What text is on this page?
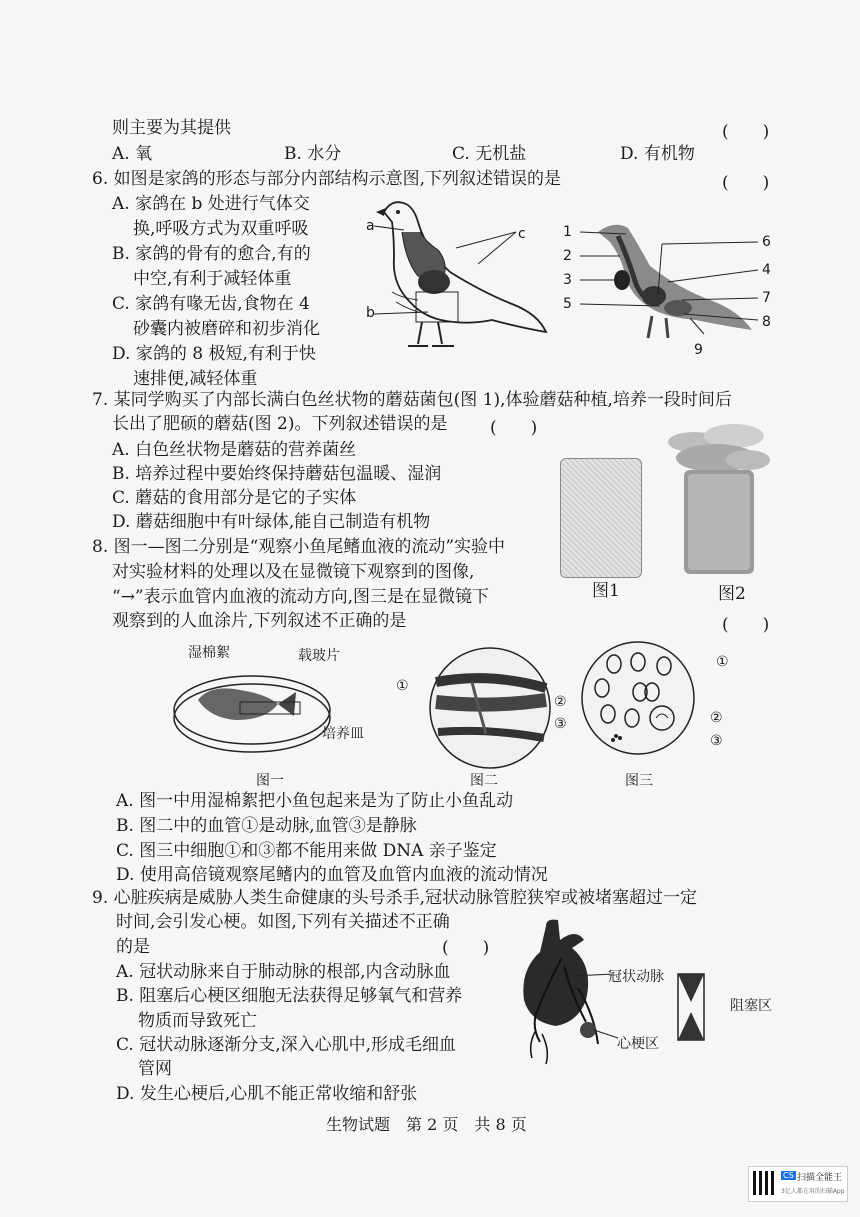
则主要为其提供	(　　)
A. 氧	B. 水分	C. 无机盐	D. 有机物
6. 如图是家鸽的形态与部分内部结构示意图,下列叙述错误的是	(　　)
A. 家鸽在 b 处进行气体交
换,呼吸方式为双重呼吸
B. 家鸽的骨有的愈合,有的
中空,有利于减轻体重
C. 家鸽有喙无齿,食物在 4
砂囊内被磨碎和初步消化
D. 家鸽的 8 极短,有利于快
速排便,减轻体重
a
b
c	1
2
3
4
5
6
7
8
9
7. 某同学购买了内部长满白色丝状物的蘑菇菌包(图 1),体验蘑菇种植,培养一段时间后
长出了肥硕的蘑菇(图 2)。下列叙述错误的是	(　　)
A. 白色丝状物是蘑菇的营养菌丝
B. 培养过程中要始终保持蘑菇包温暖、湿润
C. 蘑菇的食用部分是它的子实体
D. 蘑菇细胞中有叶绿体,能自己制造有机物
图1	图2
8. 图一—图二分别是“观察小鱼尾鳍血液的流动”实验中
对实验材料的处理以及在显微镜下观察到的图像,
“→”表示血管内血液的流动方向,图三是在显微镜下
观察到的人血涂片,下列叙述不正确的是	(　　)
湿棉絮	载玻片
培养皿
①
②
③
①
②
③
图一	图二	图三
A. 图一中用湿棉絮把小鱼包起来是为了防止小鱼乱动
B. 图二中的血管①是动脉,血管③是静脉
C. 图三中细胞①和③都不能用来做 DNA 亲子鉴定
D. 使用高倍镜观察尾鳍内的血管及血管内血液的流动情况
9. 心脏疾病是威胁人类生命健康的头号杀手,冠状动脉管腔狭窄或被堵塞超过一定
时间,会引发心梗。如图,下列有关描述不正确
的是	(　　)
A. 冠状动脉来自于肺动脉的根部,内含动脉血
B. 阻塞后心梗区细胞无法获得足够氧气和营养
物质而导致死亡
C. 冠状动脉逐渐分支,深入心肌中,形成毛细血
管网
D. 发生心梗后,心肌不能正常收缩和舒张
冠状动脉
心梗区
阻塞区
生物试题　第 2 页　共 8 页
CS 扫描全能王
3亿人都在用的扫描App
